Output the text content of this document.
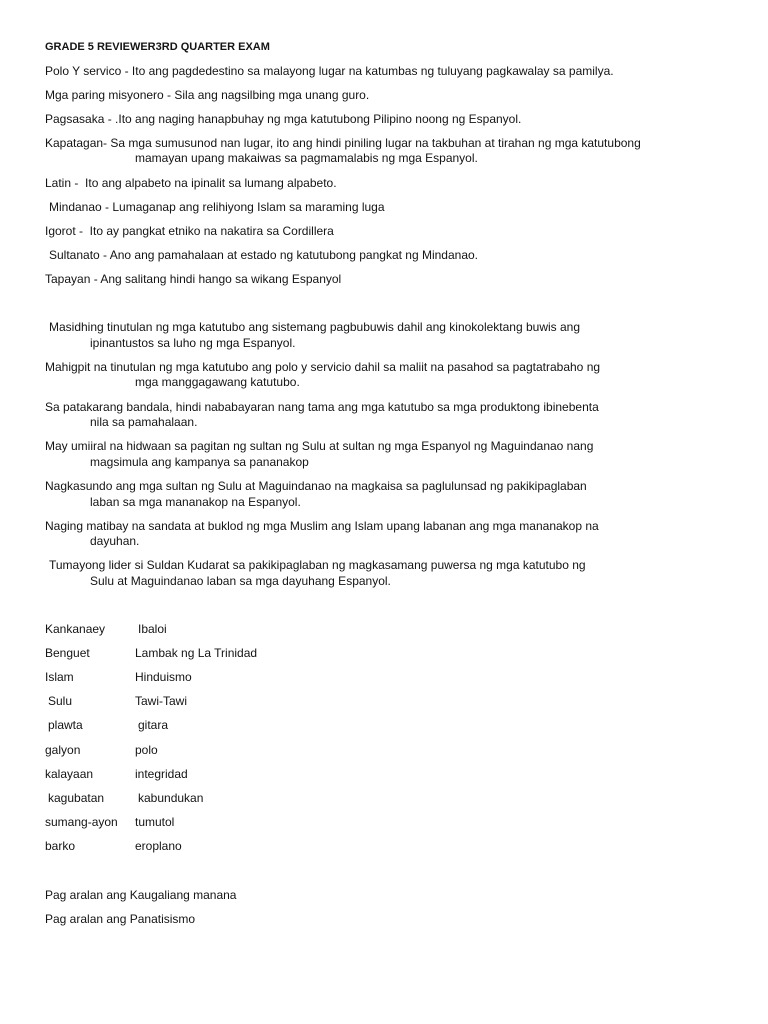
GRADE 5 REVIEWER3RD QUARTER EXAM
Polo Y servico - Ito ang pagdedestino sa malayong lugar na katumbas ng tuluyang pagkawalay sa pamilya.
Mga paring misyonero - Sila ang nagsilbing mga unang guro.
Pagsasaka - .Ito ang naging hanapbuhay ng mga katutubong Pilipino noong ng Espanyol.
Kapatagan- Sa mga sumusunod nan lugar, ito ang hindi piniling lugar na takbuhan at tirahan ng mga katutubong
mamayan upang makaiwas sa pagmamalabis ng mga Espanyol.
Latin -  Ito ang alpabeto na ipinalit sa lumang alpabeto.
Mindanao - Lumaganap ang relihiyong Islam sa maraming luga
Igorot -  Ito ay pangkat etniko na nakatira sa Cordillera
Sultanato - Ano ang pamahalaan at estado ng katutubong pangkat ng Mindanao.
Tapayan - Ang salitang hindi hango sa wikang Espanyol
Masidhing tinutulan ng mga katutubo ang sistemang pagbubuwis dahil ang kinokolektang buwis ang
ipinantustos sa luho ng mga Espanyol.
Mahigpit na tinutulan ng mga katutubo ang polo y servicio dahil sa maliit na pasahod sa pagtatrabaho ng
mga manggagawang katutubo.
Sa patakarang bandala, hindi nababayaran nang tama ang mga katutubo sa mga produktong ibinebenta
nila sa pamahalaan.
May umiiral na hidwaan sa pagitan ng sultan ng Sulu at sultan ng mga Espanyol ng Maguindanao nang
magsimula ang kampanya sa pananakop
Nagkasundo ang mga sultan ng Sulu at Maguindanao na magkaisa sa paglulunsad ng pakikipaglaban
laban sa mga mananakop na Espanyol.
Naging matibay na sandata at buklod ng mga Muslim ang Islam upang labanan ang mga mananakop na
dayuhan.
Tumayong lider si Suldan Kudarat sa pakikipaglaban ng magkasamang puwersa ng mga katutubo ng
Sulu at Maguindanao laban sa mga dayuhang Espanyol.
Kankanaey	Ibaloi
Benguet	Lambak ng La Trinidad
Islam	Hinduismo
Sulu	Tawi-Tawi
plawta	gitara
galyon	polo
kalayaan	integridad
kagubatan	kabundukan
sumang-ayon tumutol
barko	eroplano
Pag aralan ang Kaugaliang manana
Pag aralan ang Panatisismo
